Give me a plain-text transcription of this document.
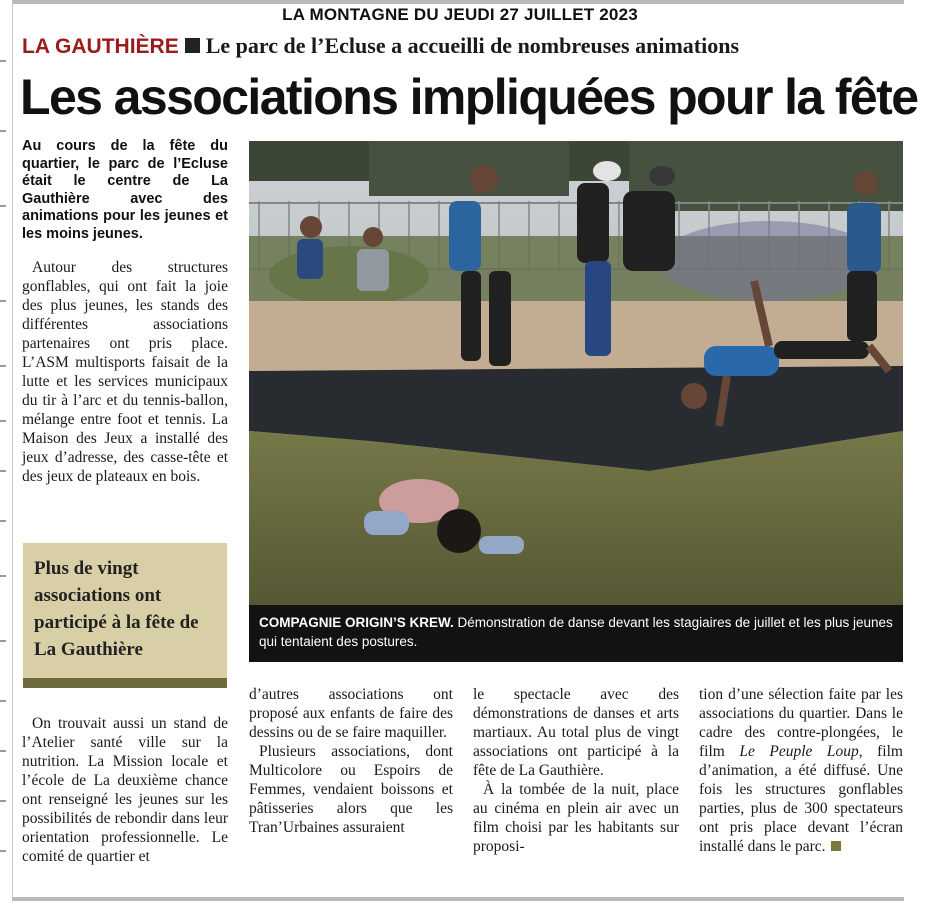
LA MONTAGNE DU JEUDI 27 JUILLET 2023
LA GAUTHIÈRE Le parc de l’Ecluse a accueilli de nombreuses animations
Les associations impliquées pour la fête

Au cours de la fête du quartier, le parc de l’Ecluse était le centre de La Gauthière avec des animations pour les jeunes et les moins jeunes.

Autour des structures gonflables, qui ont fait la joie des plus jeunes, les stands des différentes associations partenaires ont pris place. L’ASM multisports faisait de la lutte et les services municipaux du tir à l’arc et du tennis-ballon, mélange entre foot et tennis. La Maison des Jeux a installé des jeux d’adresse, des casse-tête et des jeux de plateaux en bois.

Plus de vingt associations ont participé à la fête de La Gauthière

On trouvait aussi un stand de l’Atelier santé ville sur la nutrition. La Mission locale et l’école de La deuxième chance ont renseigné les jeunes sur les possibilités de rebondir dans leur orientation professionnelle. Le comité de quartier et

COMPAGNIE ORIGIN’S KREW. Démonstration de danse devant les stagiaires de juillet et les plus jeunes qui tentaient des postures.

d’autres associations ont proposé aux enfants de faire des dessins ou de se faire maquiller.

Plusieurs associations, dont Multicolore ou Espoirs de Femmes, vendaient boissons et pâtisseries alors que les Tran’Urbaines assuraient

le spectacle avec des démonstrations de danses et arts martiaux. Au total plus de vingt associations ont participé à la fête de La Gauthière.

À la tombée de la nuit, place au cinéma en plein air avec un film choisi par les habitants sur proposi-

tion d’une sélection faite par les associations du quartier. Dans le cadre des contre-plongées, le film Le Peuple Loup, film d’animation, a été diffusé. Une fois les structures gonflables parties, plus de 300 spectateurs ont pris place devant l’écran installé dans le parc.
